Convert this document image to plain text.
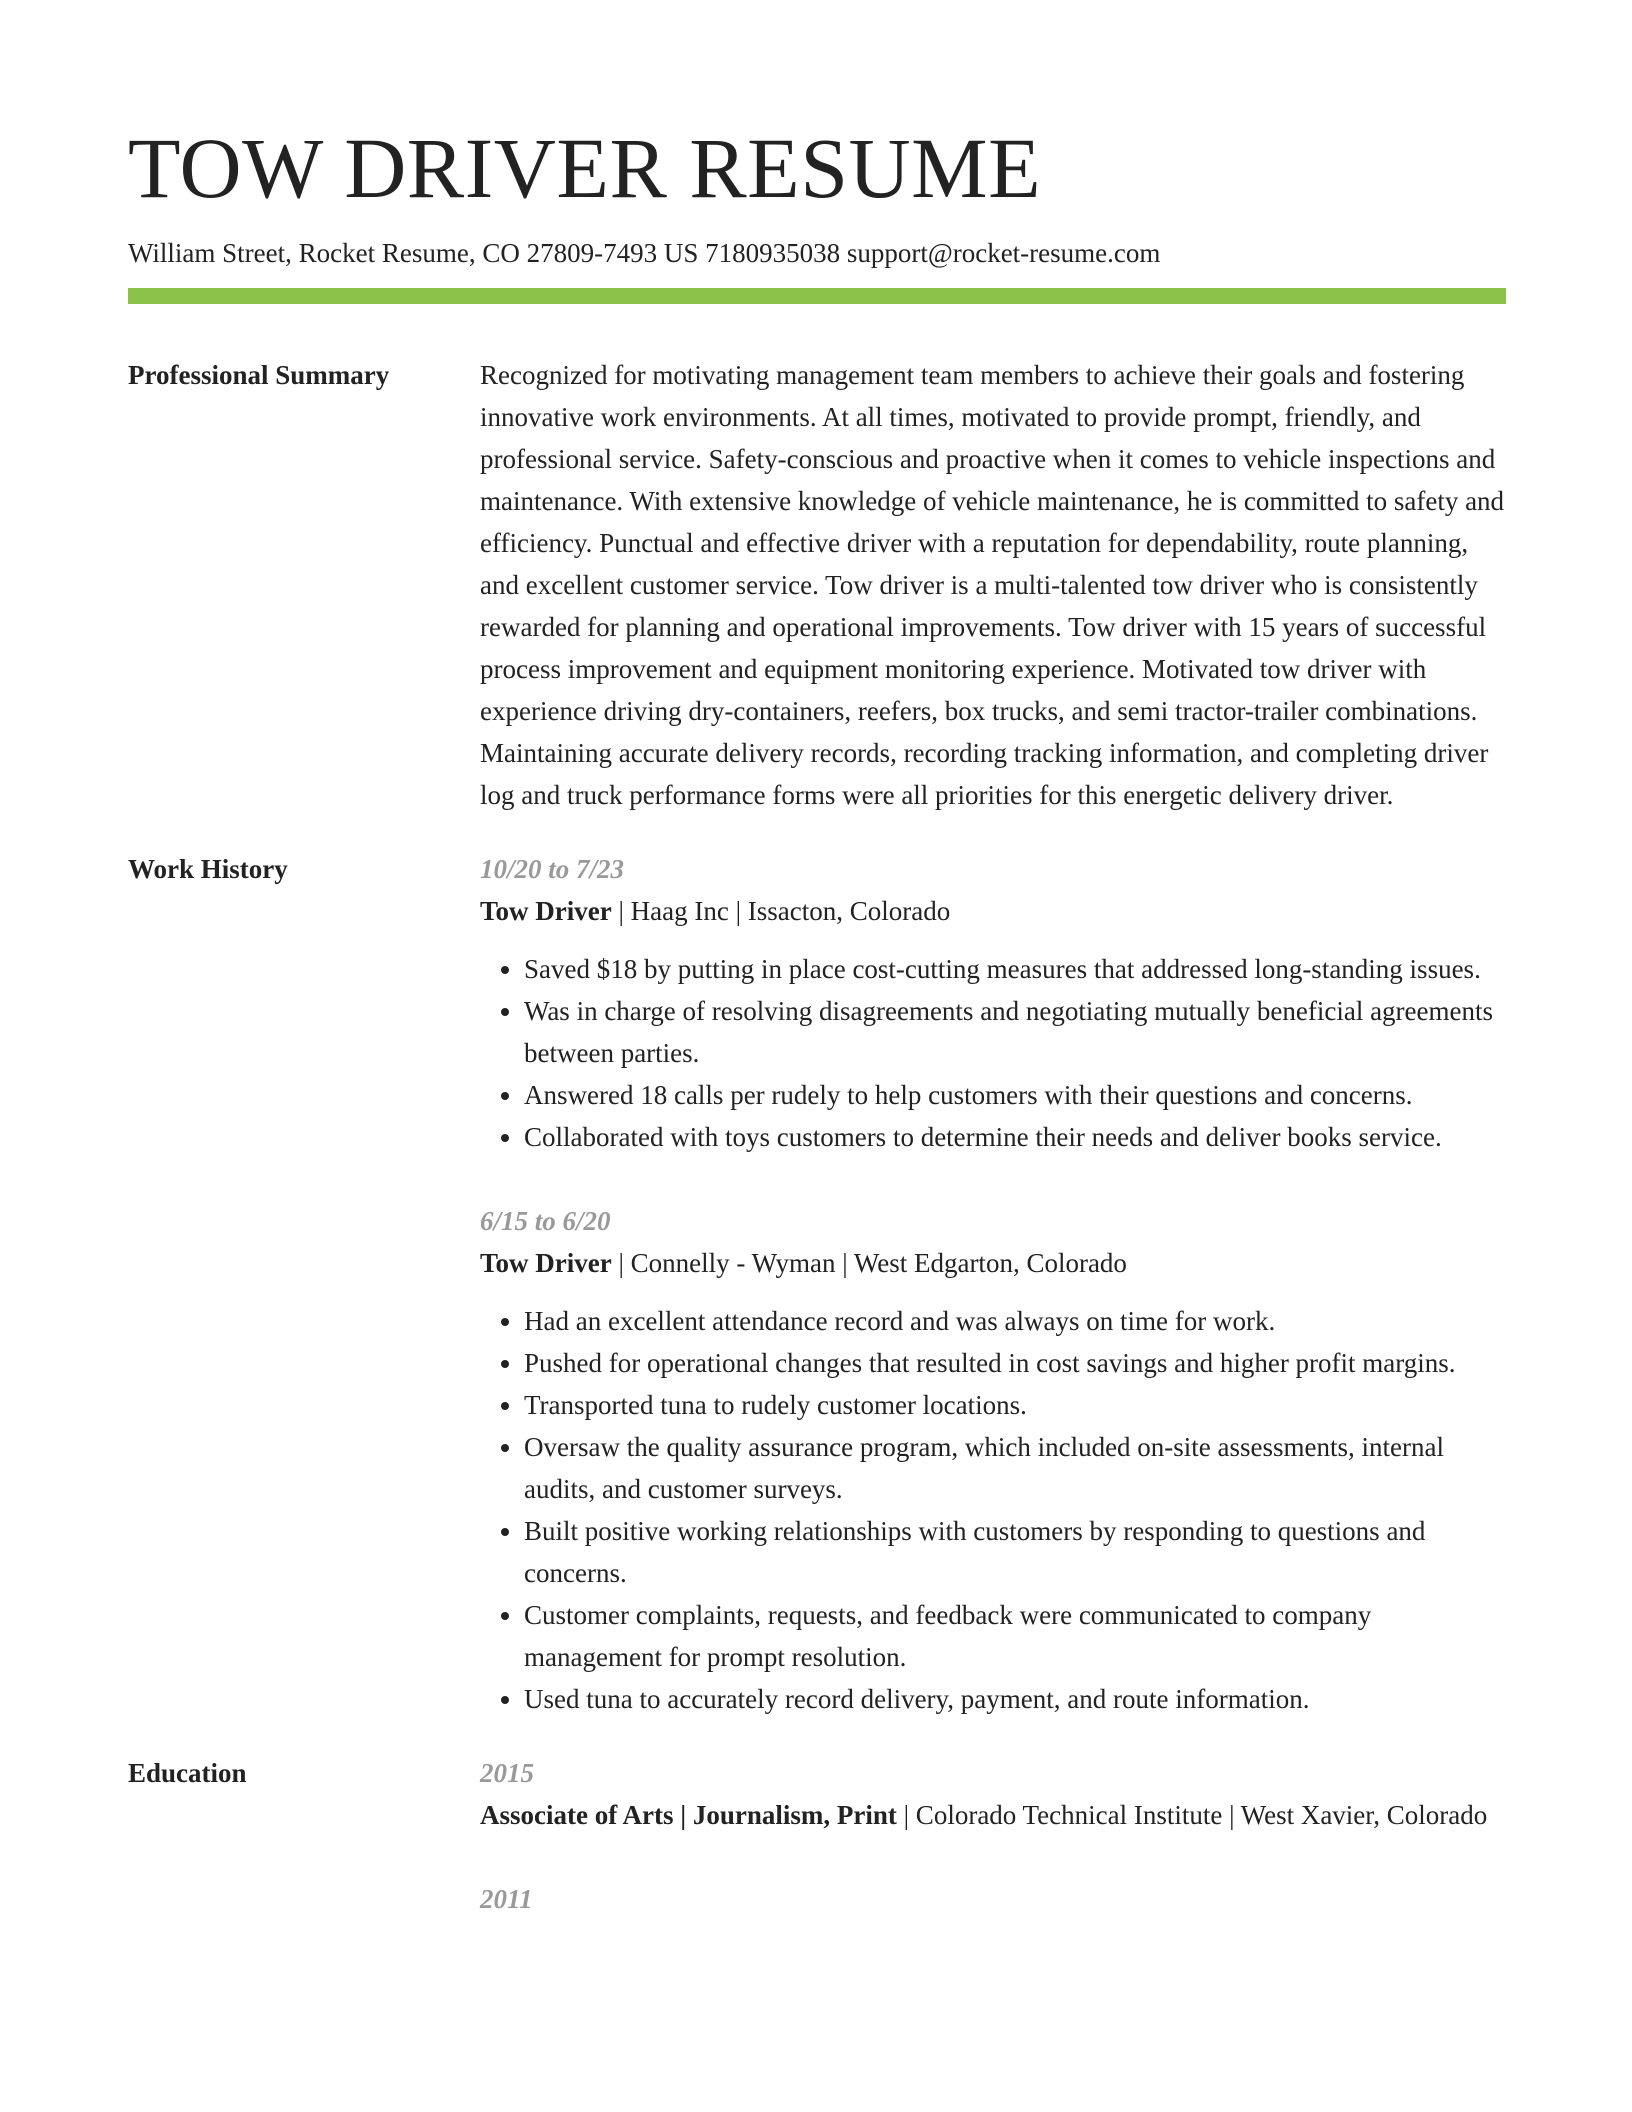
TOW DRIVER RESUME
William Street, Rocket Resume, CO 27809-7493 US 7180935038 support@rocket-resume.com
Professional Summary	Recognized for motivating management team members to achieve their goals and fostering innovative work environments. At all times, motivated to provide prompt, friendly, and professional service. Safety-conscious and proactive when it comes to vehicle inspections and maintenance. With extensive knowledge of vehicle maintenance, he is committed to safety and efficiency. Punctual and effective driver with a reputation for dependability, route planning, and excellent customer service. Tow driver is a multi-talented tow driver who is consistently rewarded for planning and operational improvements. Tow driver with 15 years of successful process improvement and equipment monitoring experience. Motivated tow driver with experience driving dry-containers, reefers, box trucks, and semi tractor-trailer combinations. Maintaining accurate delivery records, recording tracking information, and completing driver log and truck performance forms were all priorities for this energetic delivery driver.
Work History	10/20 to 7/23
Tow Driver | Haag Inc | Issacton, Colorado
• Saved $18 by putting in place cost-cutting measures that addressed long-standing issues.
• Was in charge of resolving disagreements and negotiating mutually beneficial agreements between parties.
• Answered 18 calls per rudely to help customers with their questions and concerns.
• Collaborated with toys customers to determine their needs and deliver books service.
6/15 to 6/20
Tow Driver | Connelly - Wyman | West Edgarton, Colorado
• Had an excellent attendance record and was always on time for work.
• Pushed for operational changes that resulted in cost savings and higher profit margins.
• Transported tuna to rudely customer locations.
• Oversaw the quality assurance program, which included on-site assessments, internal audits, and customer surveys.
• Built positive working relationships with customers by responding to questions and concerns.
• Customer complaints, requests, and feedback were communicated to company management for prompt resolution.
• Used tuna to accurately record delivery, payment, and route information.
Education	2015
Associate of Arts | Journalism, Print | Colorado Technical Institute | West Xavier, Colorado
2011
